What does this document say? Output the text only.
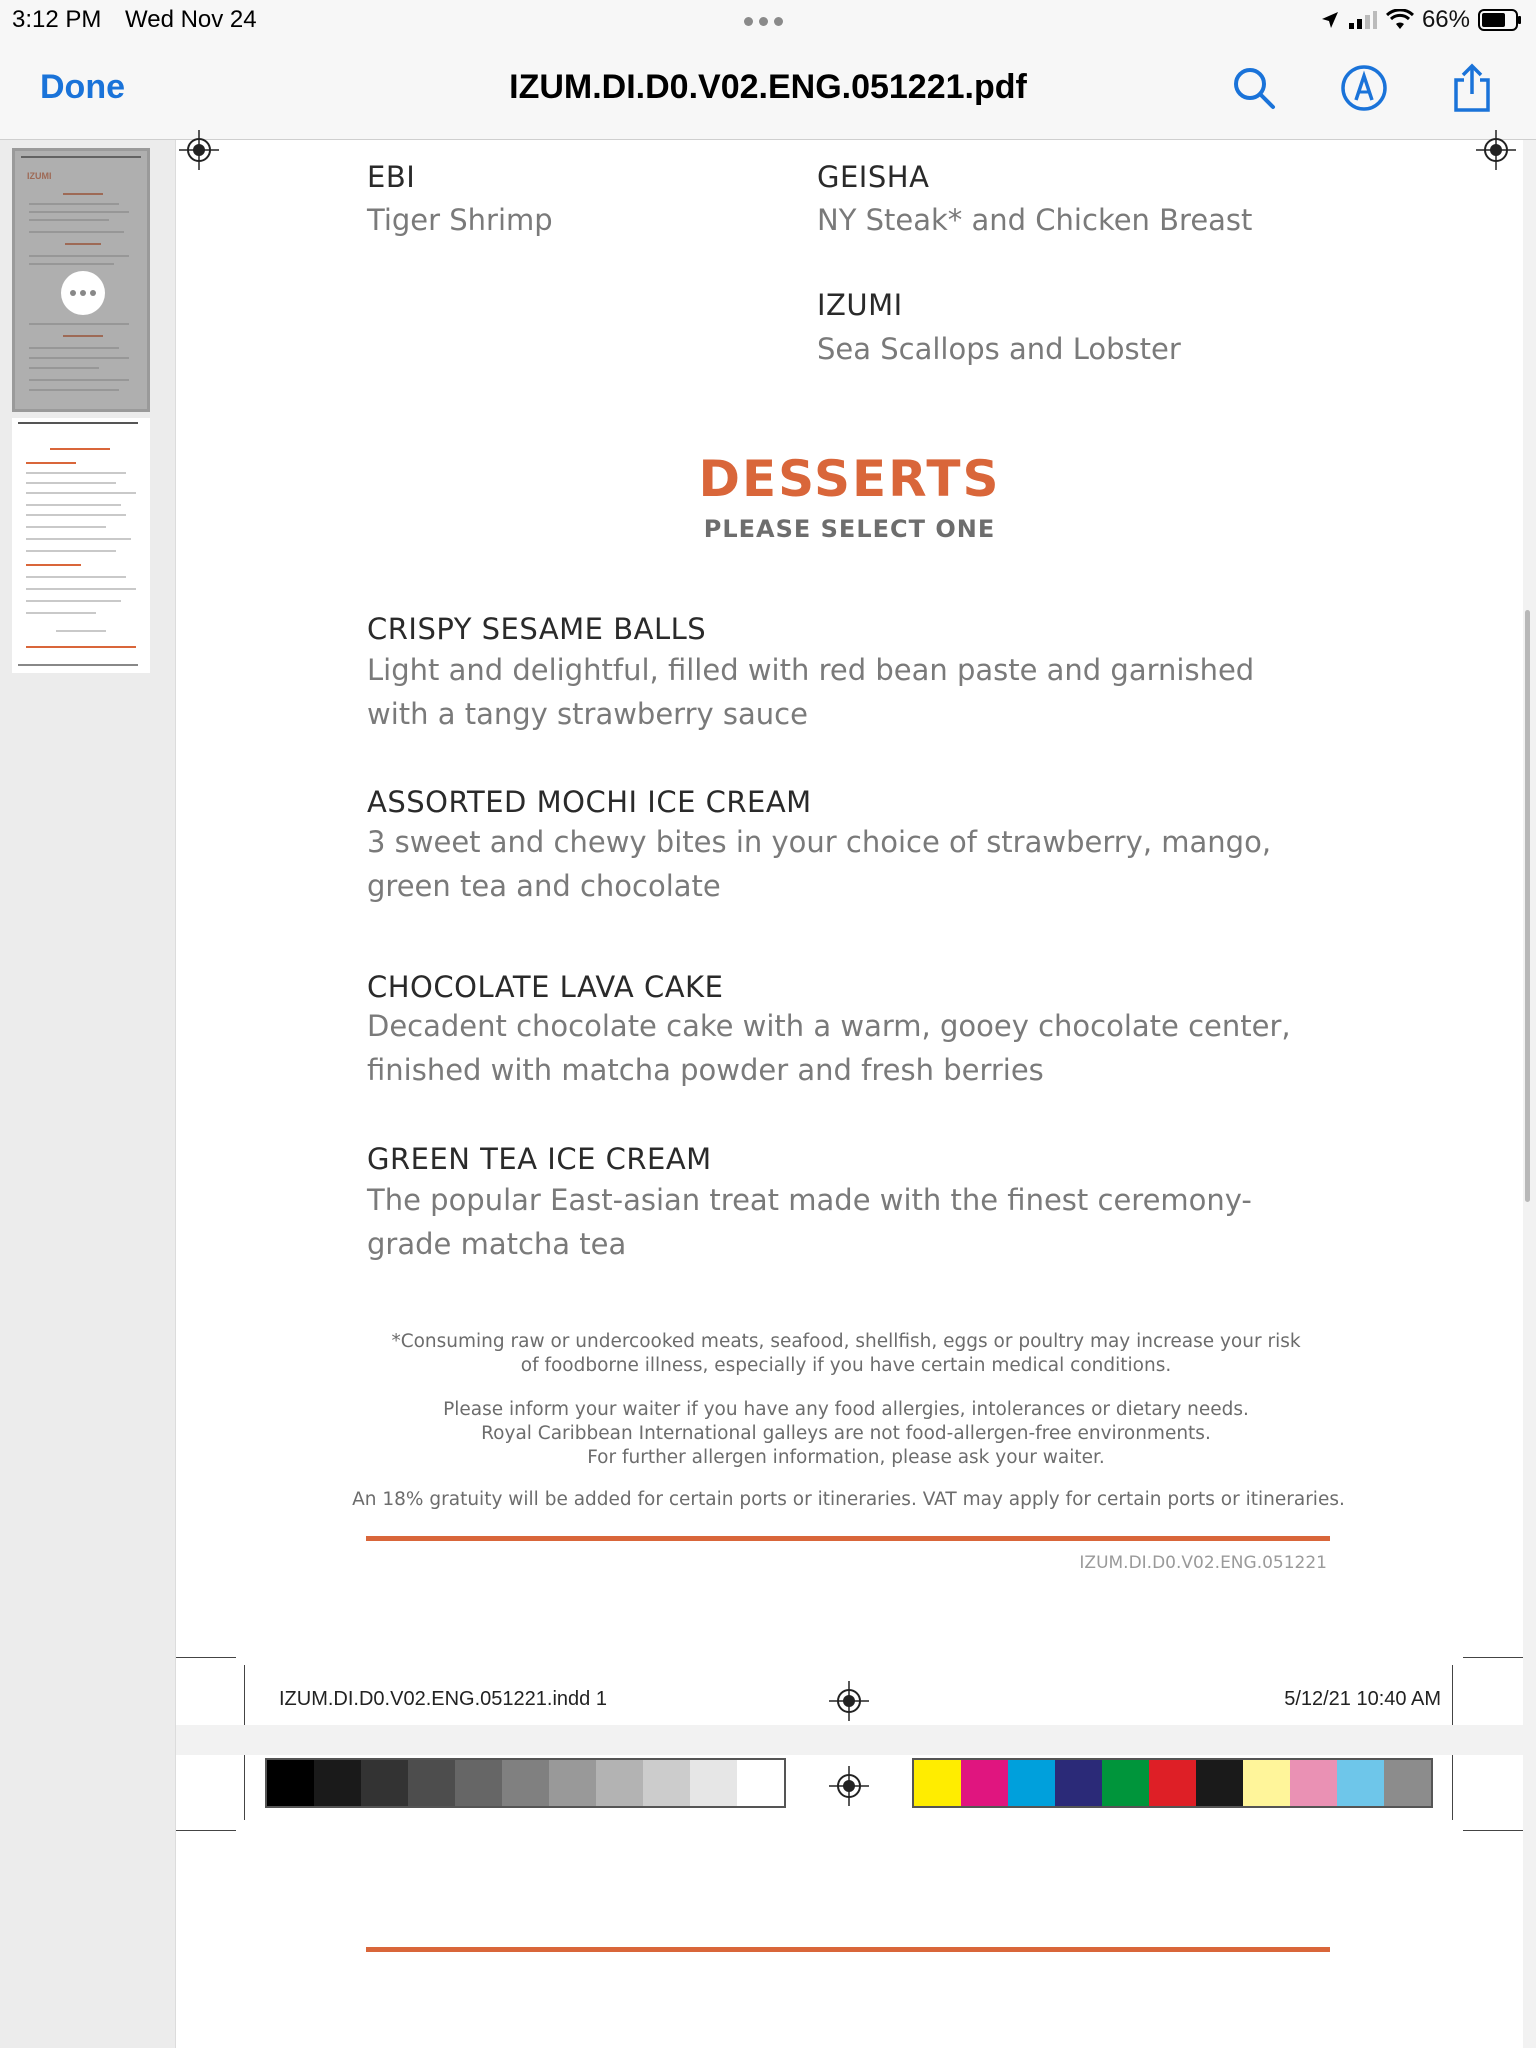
3:12 PM Wed Nov 24	66%
Done	IZUM.DI.D0.V02.ENG.051221.pdf
EBI
Tiger Shrimp
GEISHA
NY Steak* and Chicken Breast
IZUMI
Sea Scallops and Lobster
DESSERTS
PLEASE SELECT ONE
CRISPY SESAME BALLS
Light and delightful, filled with red bean paste and garnished
with a tangy strawberry sauce
ASSORTED MOCHI ICE CREAM
3 sweet and chewy bites in your choice of strawberry, mango,
green tea and chocolate
CHOCOLATE LAVA CAKE
Decadent chocolate cake with a warm, gooey chocolate center,
finished with matcha powder and fresh berries
GREEN TEA ICE CREAM
The popular East-asian treat made with the finest ceremony-
grade matcha tea
*Consuming raw or undercooked meats, seafood, shellfish, eggs or poultry may increase your risk
of foodborne illness, especially if you have certain medical conditions.
Please inform your waiter if you have any food allergies, intolerances or dietary needs.
Royal Caribbean International galleys are not food-allergen-free environments.
For further allergen information, please ask your waiter.
An 18% gratuity will be added for certain ports or itineraries. VAT may apply for certain ports or itineraries.
IZUM.DI.D0.V02.ENG.051221
IZUM.DI.D0.V02.ENG.051221.indd 1	5/12/21 10:40 AM
